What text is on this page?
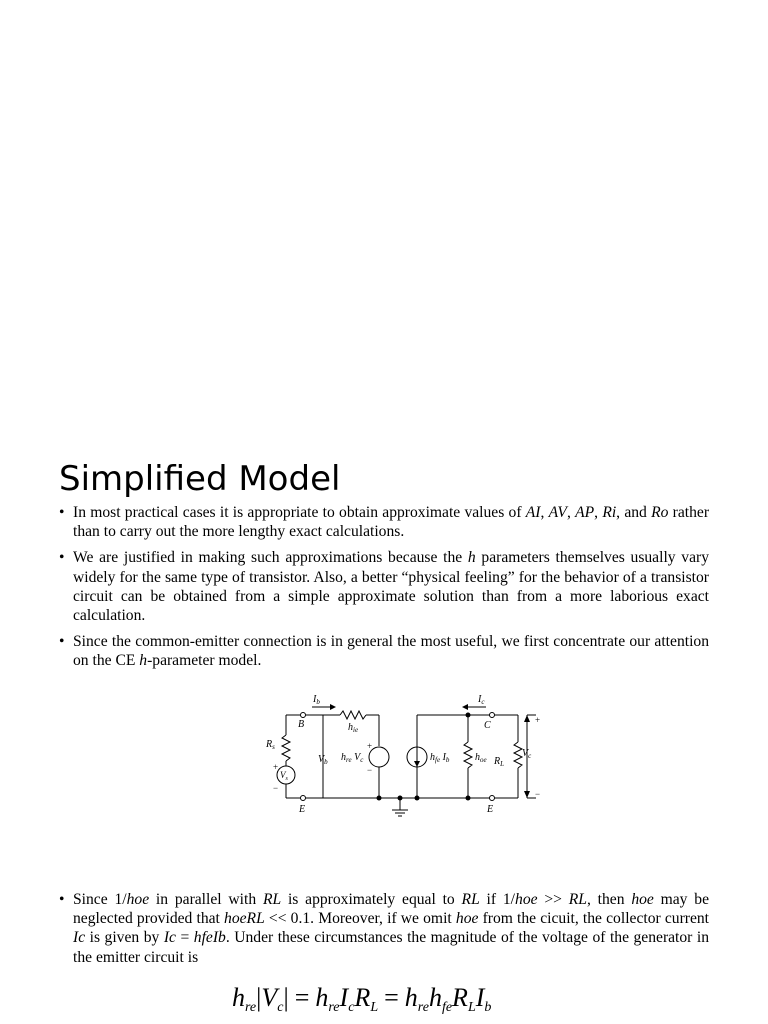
Simplified Model
• In most practical cases it is appropriate to obtain approximate values of AI, AV, AP, Ri, and Ro rather than to carry out the more lengthy exact calculations.
• We are justified in making such approximations because the h parameters themselves usually vary widely for the same type of transistor. Also, a better “physical feeling” for the behavior of a transistor circuit can be obtained from a simple approximate solution than from a more laborious exact calculation.
• Since the common-emitter connection is in general the most useful, we first concentrate our attention on the CE h-parameter model.
$I_b$	$I_c$
B	C
E	E
$h_{ie}$
$R_s$
$V_s$
$V_b$ $h_{re}$ $V_c$	$h_{fe}$ $I_b$	$h_{oe}$ $R_L$
$V_c$
+
−
+
−
+
−
• Since 1/hoe in parallel with RL is approximately equal to RL if 1/hoe >> RL, then hoe may be neglected provided that hoeRL << 0.1. Moreover, if we omit hoe from the cicuit, the collector current Ic is given by Ic = hfeIb. Under these circumstances the magnitude of the voltage of the generator in the emitter circuit is
hre|Vc| = hreIcRL = hrehfeRLIb
